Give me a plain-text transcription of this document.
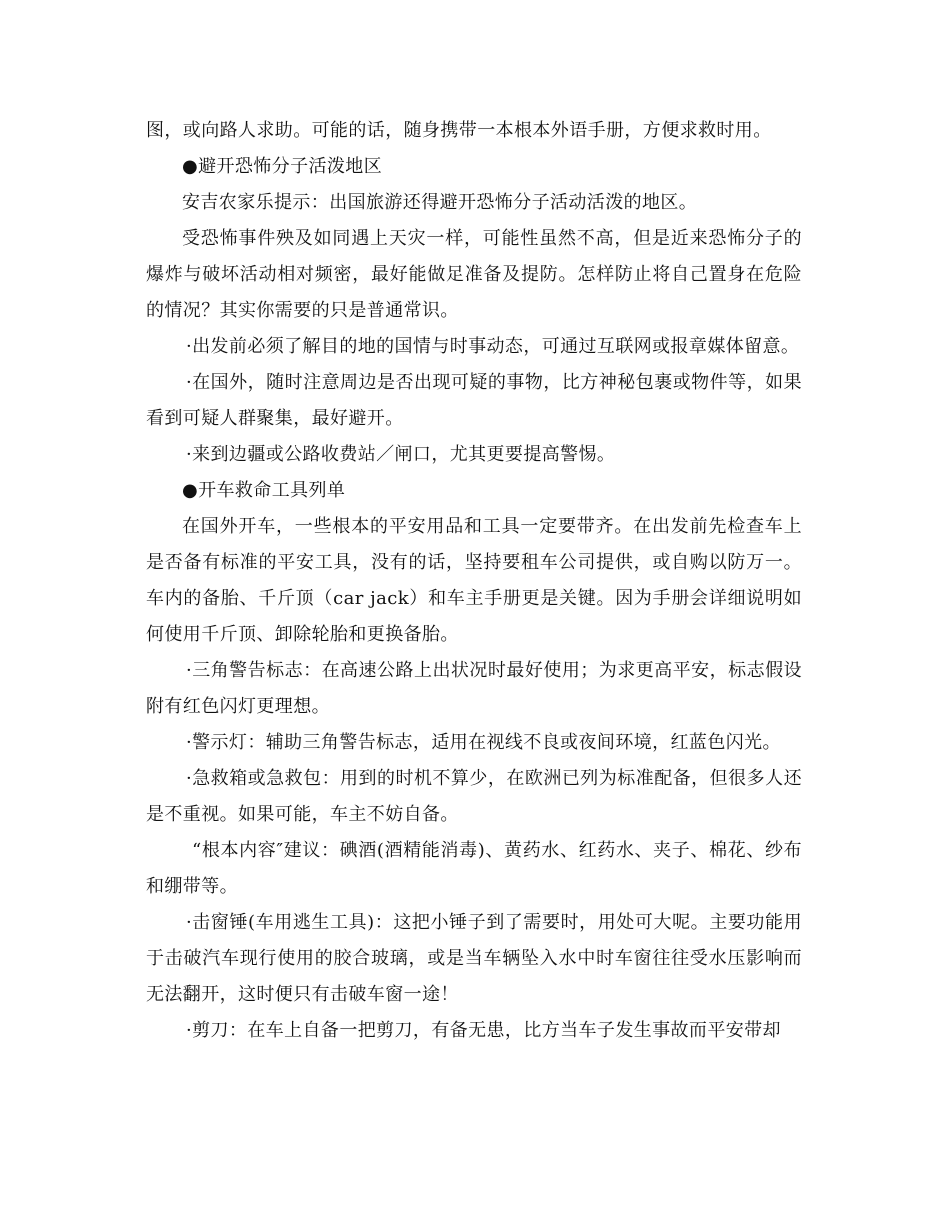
图，或向路人求助。可能的话，随身携带一本根本外语手册，方便求救时用。

●避开恐怖分子活泼地区

安吉农家乐提示：出国旅游还得避开恐怖分子活动活泼的地区。

受恐怖事件殃及如同遇上天灾一样，可能性虽然不高，但是近来恐怖分子的爆炸与破坏活动相对频密，最好能做足准备及提防。怎样防止将自己置身在危险的情况？其实你需要的只是普通常识。

·出发前必须了解目的地的国情与时事动态，可通过互联网或报章媒体留意。

·在国外，随时注意周边是否出现可疑的事物，比方神秘包裹或物件等，如果看到可疑人群聚集，最好避开。

·来到边疆或公路收费站／闸口，尤其更要提高警惕。

●开车救命工具列单

在国外开车，一些根本的平安用品和工具一定要带齐。在出发前先检查车上是否备有标准的平安工具，没有的话，坚持要租车公司提供，或自购以防万一。车内的备胎、千斤顶（car jack）和车主手册更是关键。因为手册会详细说明如何使用千斤顶、卸除轮胎和更换备胎。

·三角警告标志：在高速公路上出状况时最好使用；为求更高平安，标志假设附有红色闪灯更理想。

·警示灯：辅助三角警告标志，适用在视线不良或夜间环境，红蓝色闪光。

·急救箱或急救包：用到的时机不算少，在欧洲已列为标准配备，但很多人还是不重视。如果可能，车主不妨自备。

“根本内容″建议：碘酒(酒精能消毒)、黄药水、红药水、夹子、棉花、纱布和绷带等。

·击窗锤(车用逃生工具)：这把小锤子到了需要时，用处可大呢。主要功能用于击破汽车现行使用的胶合玻璃，或是当车辆坠入水中时车窗往往受水压影响而无法翻开，这时便只有击破车窗一途！

·剪刀：在车上自备一把剪刀，有备无患，比方当车子发生事故而平安带却
